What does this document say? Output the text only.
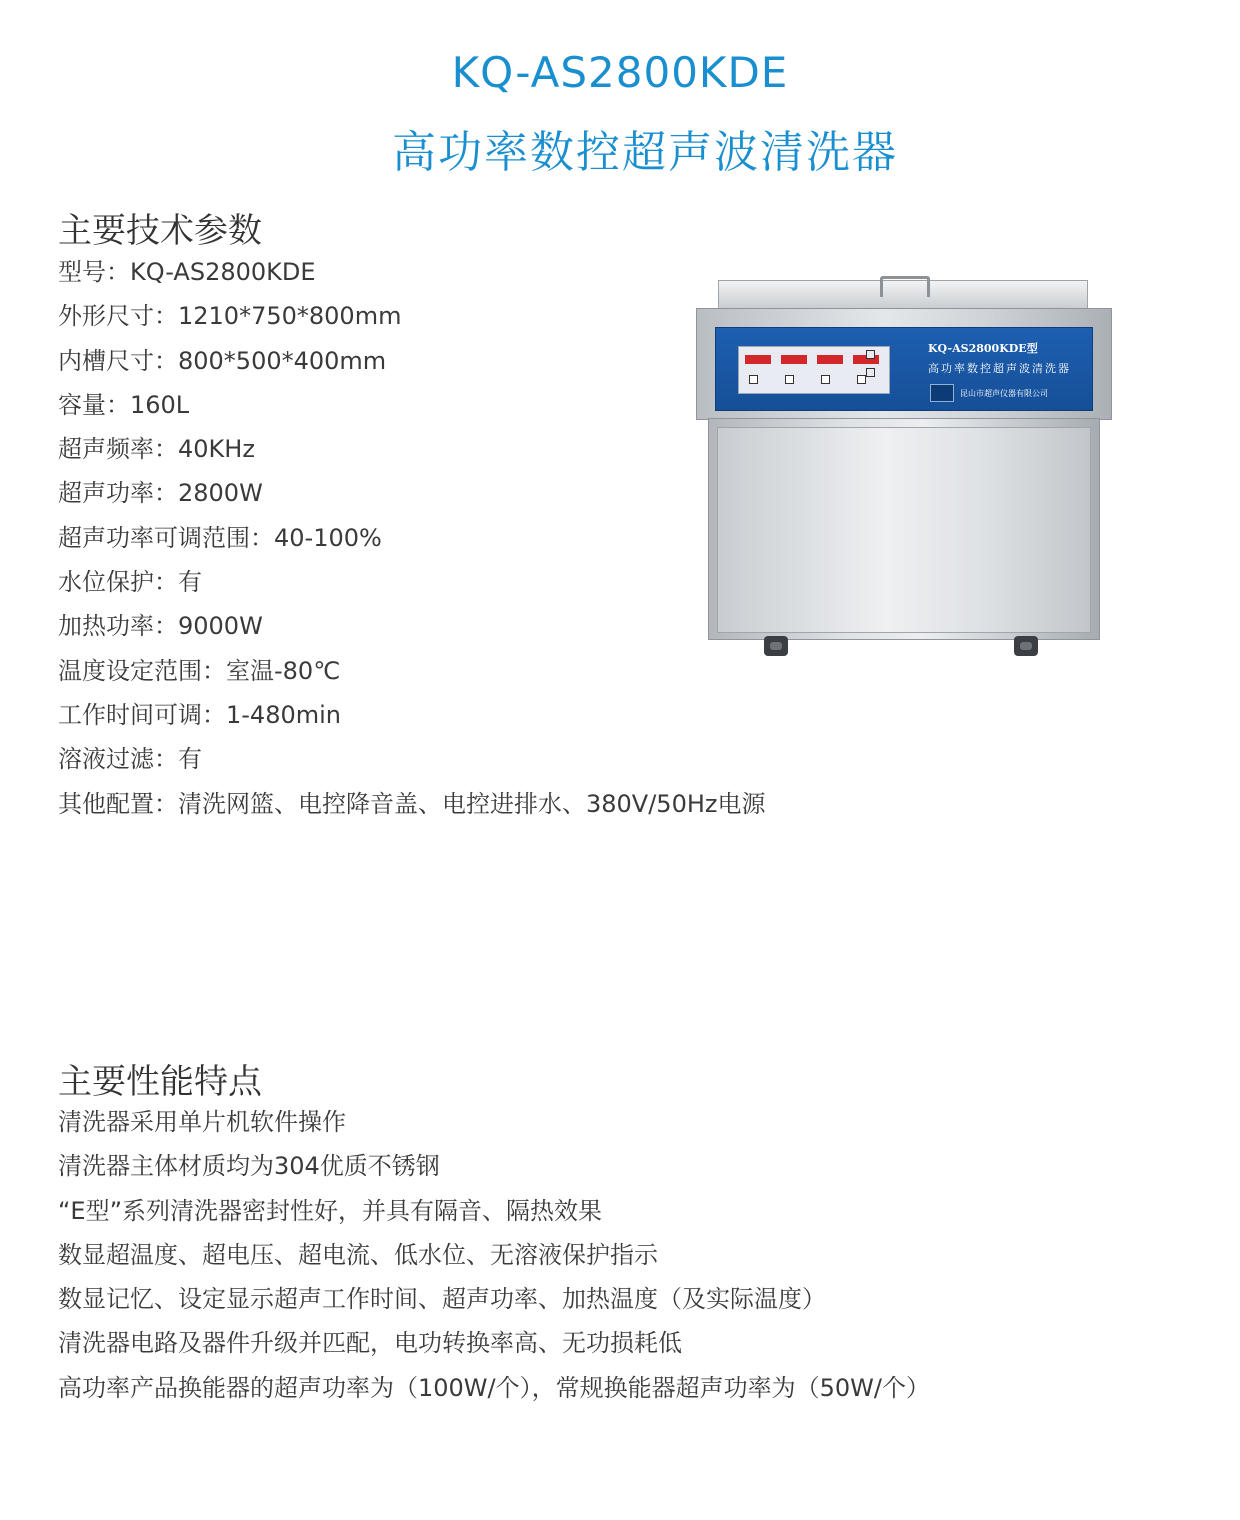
KQ-AS2800KDE
高功率数控超声波清洗器
主要技术参数
型号：KQ-AS2800KDE
外形尺寸：1210*750*800mm
内槽尺寸：800*500*400mm
容量：160L
超声频率：40KHz
超声功率：2800W
超声功率可调范围：40-100%
水位保护：有
加热功率：9000W
温度设定范围：室温-80℃
工作时间可调：1-480min
溶液过滤：有
其他配置：清洗网篮、电控降音盖、电控进排水、380V/50Hz电源
KQ-AS2800KDE型
高功率数控超声波清洗器
昆山市超声仪器有限公司
主要性能特点
清洗器采用单片机软件操作
清洗器主体材质均为304优质不锈钢
“E型”系列清洗器密封性好，并具有隔音、隔热效果
数显超温度、超电压、超电流、低水位、无溶液保护指示
数显记忆、设定显示超声工作时间、超声功率、加热温度（及实际温度）
清洗器电路及器件升级并匹配，电功转换率高、无功损耗低
高功率产品换能器的超声功率为（100W/个），常规换能器超声功率为（50W/个）
